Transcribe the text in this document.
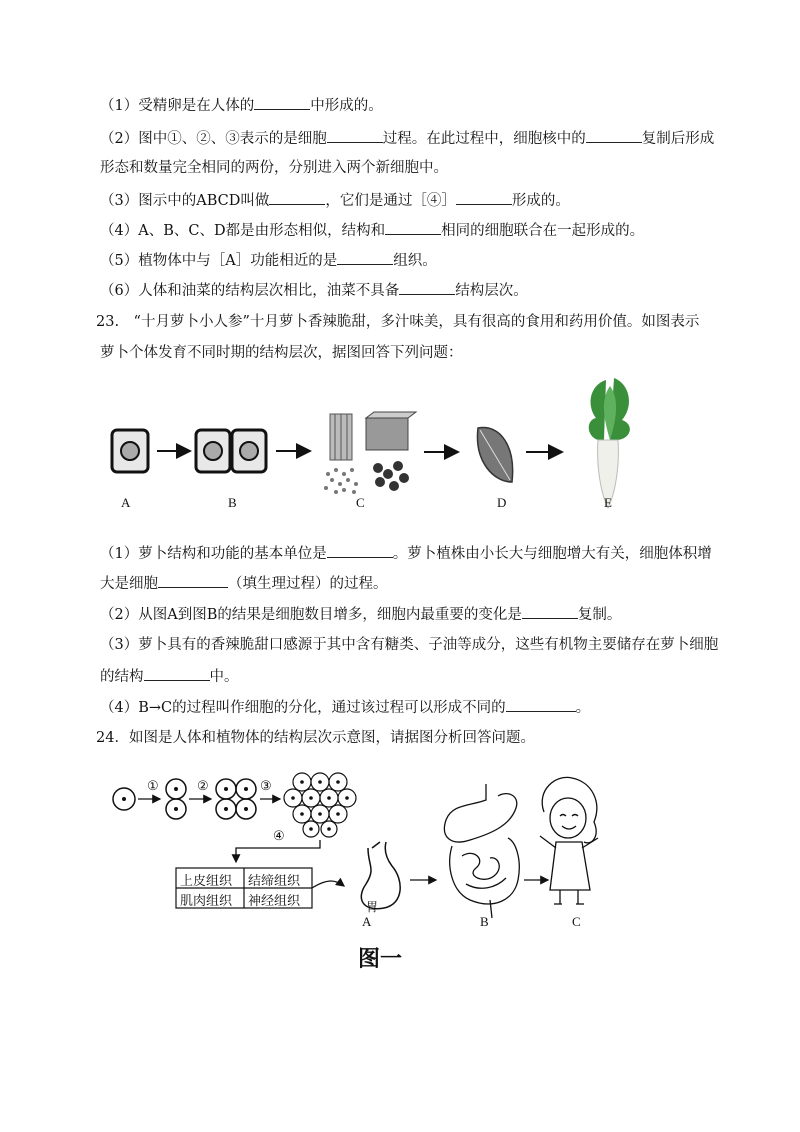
（1）受精卵是在人体的	中形成的。
（2）图中①、②、③表示的是细胞	过程。在此过程中，细胞核中的	复制后形成
形态和数量完全相同的两份，分别进入两个新细胞中。
（3）图示中的ABCD叫做	，它们是通过［④］	形成的。
（4）A、B、C、D都是由形态相似，结构和	相同的细胞联合在一起形成的。
（5）植物体中与［A］功能相近的是	组织。
（6）人体和油菜的结构层次相比，油菜不具备	结构层次。
23.　“十月萝卜小人参”十月萝卜香辣脆甜，多汁味美，具有很高的食用和药用价值。如图表示
萝卜个体发育不同时期的结构层次，据图回答下列问题：
A	B	C	D	E
（1）萝卜结构和功能的基本单位是	。萝卜植株由小长大与细胞增大有关，细胞体积增
大是细胞	（填生理过程）的过程。
（2）从图A到图B的结果是细胞数目增多，细胞内最重要的变化是	复制。
（3）萝卜具有的香辣脆甜口感源于其中含有糖类、子油等成分，这些有机物主要储存在萝卜细胞
的结构	中。
（4）B→C的过程叫作细胞的分化，通过该过程可以形成不同的	。
24．如图是人体和植物体的结构层次示意图，请据图分析回答问题。
①	②	③
④
上皮组织 结缔组织
肌肉组织 神经组织	胃
A	B	C
图一
